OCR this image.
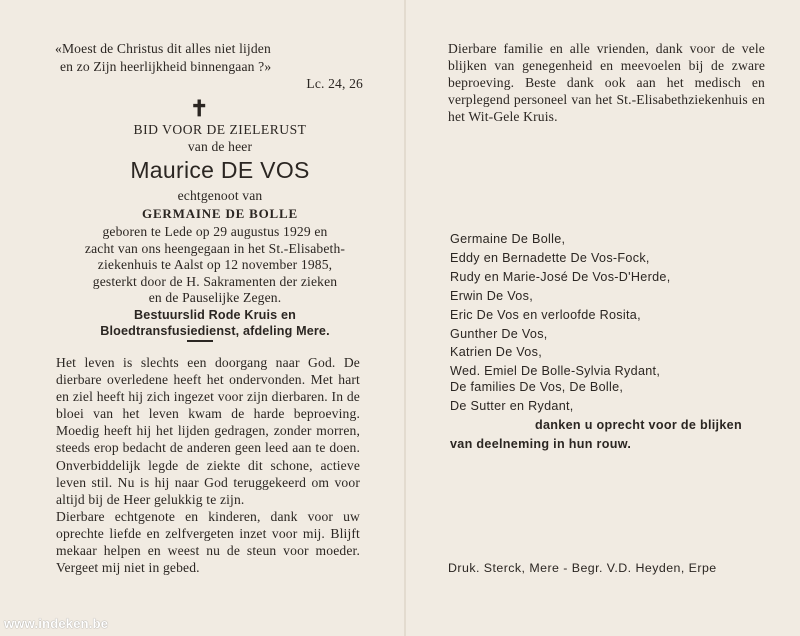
«Moest de Christus dit alles niet lijden
en zo Zijn heerlijkheid binnengaan ?»
Lc. 24, 26
✝
BID VOOR DE ZIELERUST
van de heer
Maurice DE VOS
echtgenoot van
GERMAINE DE BOLLE
geboren te Lede op 29 augustus 1929 en
zacht van ons heengegaan in het St.-Elisabeth-
ziekenhuis te Aalst op 12 november 1985,
gesterkt door de H. Sakramenten der zieken
en de Pauselijke Zegen.
Bestuurslid Rode Kruis en
Bloedtransfusiedienst, afdeling Mere.

Het leven is slechts een doorgang naar God. De dierbare overledene heeft het ondervonden. Met hart en ziel heeft hij zich ingezet voor zijn dierbaren. In de bloei van het leven kwam de harde beproeving. Moedig heeft hij het lijden gedragen, zonder morren, steeds erop bedacht de anderen geen leed aan te doen. Onverbiddelijk legde de ziekte dit schone, actieve leven stil. Nu is hij naar God teruggekeerd om voor altijd bij de Heer gelukkig te zijn.

Dierbare echtgenote en kinderen, dank voor uw oprechte liefde en zelfvergeten inzet voor mij. Blijft mekaar helpen en weest nu de steun voor moeder. Vergeet mij niet in gebed.

Dierbare familie en alle vrienden, dank voor de vele blijken van genegenheid en meevoelen bij de zware beproeving. Beste dank ook aan het medisch en verplegend personeel van het St.-Elisabethziekenhuis en het Wit-Gele Kruis.

Germaine De Bolle,
Eddy en Bernadette De Vos-Fock,
Rudy en Marie-José De Vos-D'Herde,
Erwin De Vos,
Eric De Vos en verloofde Rosita,
Gunther De Vos,
Katrien De Vos,
Wed. Emiel De Bolle-Sylvia Rydant,
De families De Vos, De Bolle,
De Sutter en Rydant,
danken u oprecht voor de blijken
van deelneming in hun rouw.
Druk. Sterck, Mere - Begr. V.D. Heyden, Erpe
www.indeken.be
